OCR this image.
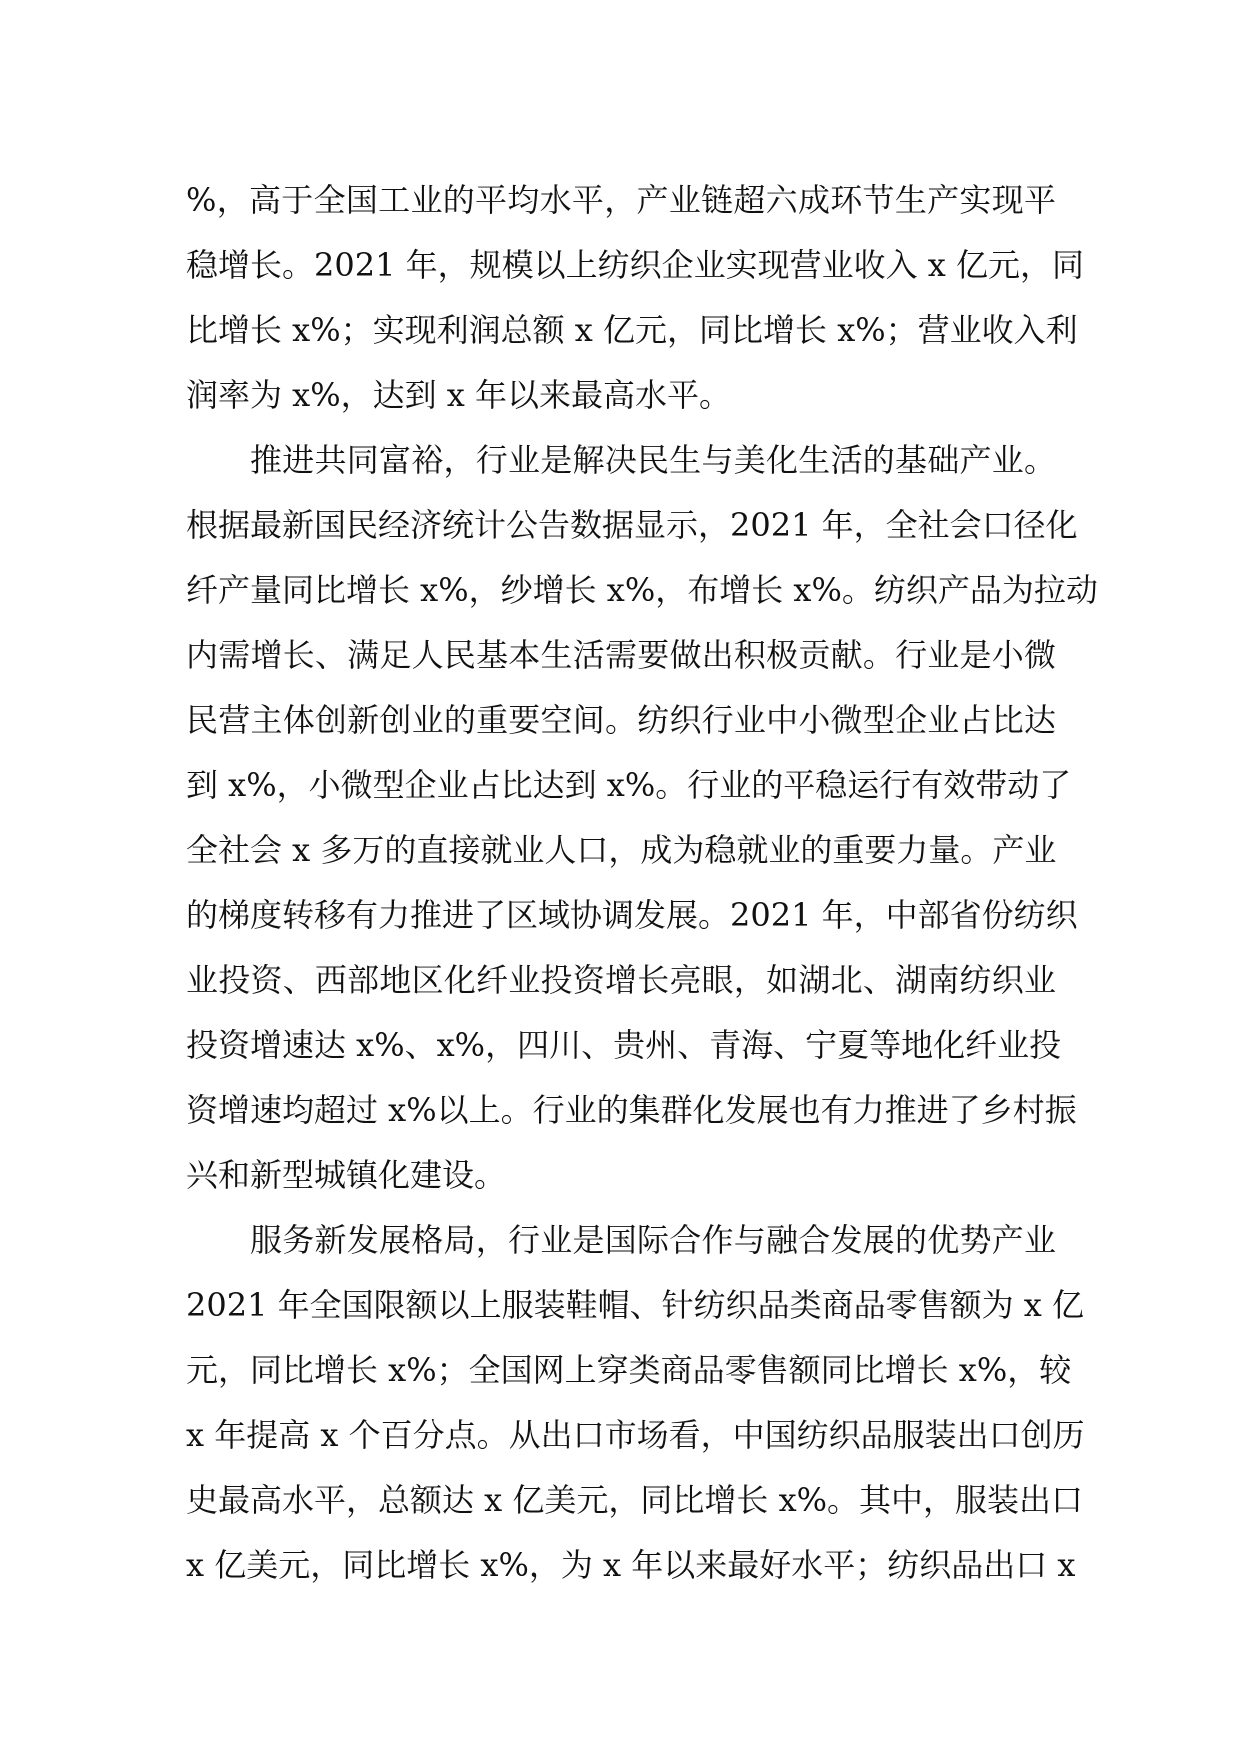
%，高于全国工业的平均水平，产业链超六成环节生产实现平
稳增长。2021 年，规模以上纺织企业实现营业收入 x 亿元，同
比增长 x%；实现利润总额 x 亿元，同比增长 x%；营业收入利
润率为 x%，达到 x 年以来最高水平。
推进共同富裕，行业是解决民生与美化生活的基础产业。
根据最新国民经济统计公告数据显示，2021 年，全社会口径化
纤产量同比增长 x%，纱增长 x%，布增长 x%。纺织产品为拉动
内需增长、满足人民基本生活需要做出积极贡献。行业是小微
民营主体创新创业的重要空间。纺织行业中小微型企业占比达
到 x%，小微型企业占比达到 x%。行业的平稳运行有效带动了
全社会 x 多万的直接就业人口，成为稳就业的重要力量。产业
的梯度转移有力推进了区域协调发展。2021 年，中部省份纺织
业投资、西部地区化纤业投资增长亮眼，如湖北、湖南纺织业
投资增速达 x%、x%，四川、贵州、青海、宁夏等地化纤业投
资增速均超过 x%以上。行业的集群化发展也有力推进了乡村振
兴和新型城镇化建设。
服务新发展格局，行业是国际合作与融合发展的优势产业
2021 年全国限额以上服装鞋帽、针纺织品类商品零售额为 x 亿
元，同比增长 x%；全国网上穿类商品零售额同比增长 x%，较
x 年提高 x 个百分点。从出口市场看，中国纺织品服装出口创历
史最高水平，总额达 x 亿美元，同比增长 x%。其中，服装出口
x 亿美元，同比增长 x%，为 x 年以来最好水平；纺织品出口 x
